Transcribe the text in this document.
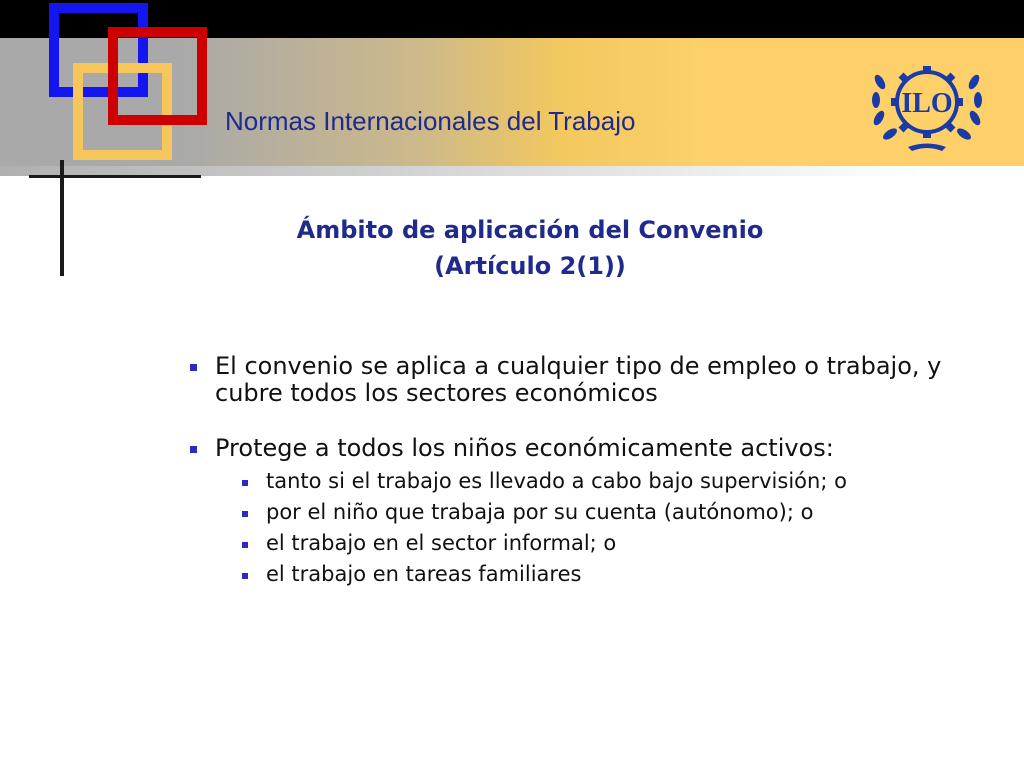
Normas Internacionales del Trabajo
ILO
Ámbito de aplicación del Convenio
(Artículo 2(1))
El convenio se aplica a cualquier tipo de empleo o trabajo, y cubre todos los sectores económicos
Protege a todos los niños económicamente activos:
tanto si el trabajo es llevado a cabo bajo supervisión; o
por el niño que trabaja por su cuenta (autónomo); o
el trabajo en el sector informal; o
el trabajo en tareas familiares
